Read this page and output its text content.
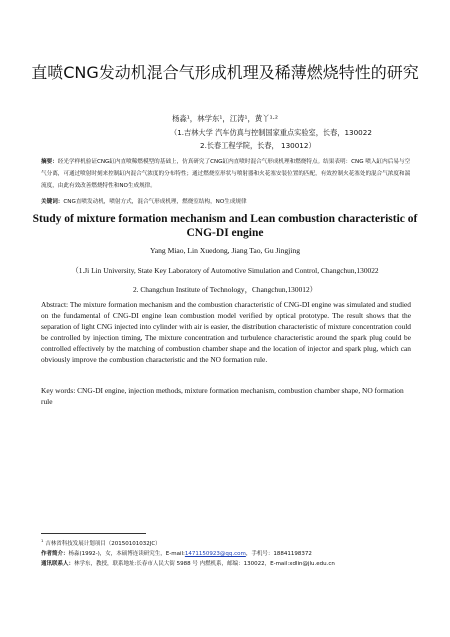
直喷CNG发动机混合气形成机理及稀薄燃烧特性的研究
杨淼¹，林学东¹，江涛¹，黄丫¹·²
（1.吉林大学 汽车仿真与控制国家重点实验室，长春，130022
2.长春工程学院，长春， 130012）
摘要：经光学样机验证CNG缸内直喷稀燃模型的基础上，仿真研究了CNG缸内直喷时混合气形成机理和燃烧特点。结果表明：CNG 喷入缸内后易与空气分离，可通过喷射时刻来控制缸内混合气浓度的分布特性；通过燃烧室形状与喷射器和火花塞安装位置的匹配，有效控制火花塞处的混合气浓度和湍流度，由此有效改善燃烧特性和NO生成规律。
关键词：CNG直喷发动机，喷射方式，混合气形成机理，燃烧室结构，NO生成规律
Study of mixture formation mechanism and Lean combustion characteristic of CNG-DI engine
Yang Miao, Lin Xuedong, Jiang Tao, Gu Jingjing
（1.Ji Lin University, State Key Laboratory of Automotive Simulation and Control, Changchun,130022
2. Changchun Institute of Technology，Changchun,130012）
Abstract: The mixture formation mechanism and the combustion characteristic of CNG-DI engine was simulated and studied on the fundamental of CNG-DI engine lean combustion model verified by optical prototype. The result shows that the separation of light CNG injected into cylinder with air is easier, the distribution characteristic of mixture concentration could be controlled by injection timing, The mixture concentration and turbulence characteristic around the spark plug could be controlled effectively by the matching of combustion chamber shape and the location of injector and spark plug, which can obviously improve the combustion characteristic and the NO formation rule.
Key words: CNG-DI engine, injection methods, mixture formation mechanism, combustion chamber shape, NO formation rule
$^1$ 吉林省科技发展计划项目（20150101032JC）
作者简介：杨淼(1992-)，女，本硕博连读研究生，E-mail:1471150923@qq.com，手机号：18841198372
通讯联系人：林学东，教授，联系地址:长春市人民大街 5988 号 内燃机系，邮编：130022，E-mail:xdlin@jlu.edu.cn
